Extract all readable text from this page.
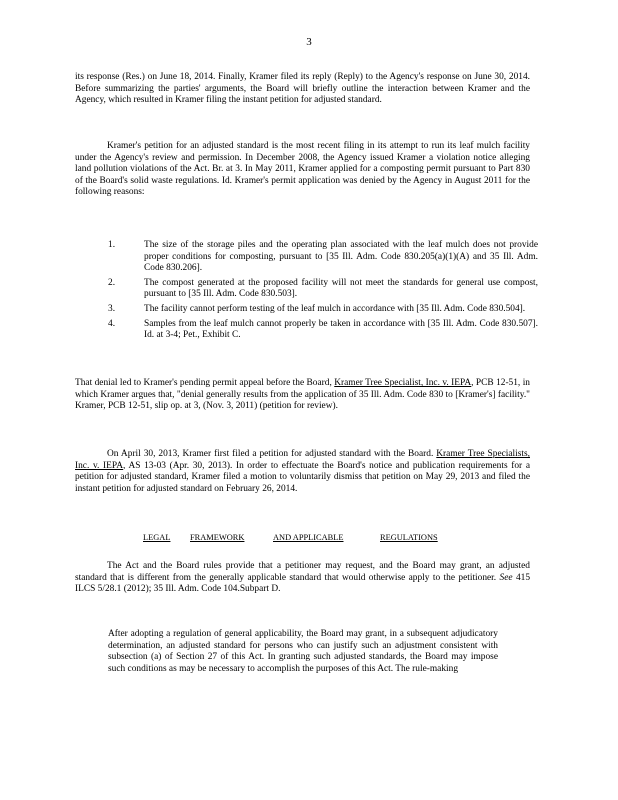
3

its response (Res.) on June 18, 2014. Finally, Kramer filed its reply (Reply) to the Agency's response on June 30, 2014. Before summarizing the parties' arguments, the Board will briefly outline the interaction between Kramer and the Agency, which resulted in Kramer filing the instant petition for adjusted standard.

Kramer's petition for an adjusted standard is the most recent filing in its attempt to run its leaf mulch facility under the Agency's review and permission. In December 2008, the Agency issued Kramer a violation notice alleging land pollution violations of the Act. Br. at 3. In May 2011, Kramer applied for a composting permit pursuant to Part 830 of the Board's solid waste regulations. Id. Kramer's permit application was denied by the Agency in August 2011 for the following reasons:

1.	The size of the storage piles and the operating plan associated with the leaf mulch does not provide proper conditions for composting, pursuant to [35 Ill. Adm. Code 830.205(a)(1)(A) and 35 Ill. Adm. Code 830.206].
2.	The compost generated at the proposed facility will not meet the standards for general use compost, pursuant to [35 Ill. Adm. Code 830.503].
3.	The facility cannot perform testing of the leaf mulch in accordance with [35 Ill. Adm. Code 830.504].
4.	Samples from the leaf mulch cannot properly be taken in accordance with [35 Ill. Adm. Code 830.507]. Id. at 3-4; Pet., Exhibit C.

That denial led to Kramer's pending permit appeal before the Board, Kramer Tree Specialist, Inc. v. IEPA, PCB 12-51, in which Kramer argues that, "denial generally results from the application of 35 Ill. Adm. Code 830 to [Kramer's] facility." Kramer, PCB 12-51, slip op. at 3, (Nov. 3, 2011) (petition for review).

On April 30, 2013, Kramer first filed a petition for adjusted standard with the Board. Kramer Tree Specialists, Inc. v. IEPA, AS 13-03 (Apr. 30, 2013). In order to effectuate the Board's notice and publication requirements for a petition for adjusted standard, Kramer filed a motion to voluntarily dismiss that petition on May 29, 2013 and filed the instant petition for adjusted standard on February 26, 2014.

LEGAL FRAMEWORK	AND APPLICABLE	REGULATIONS

The Act and the Board rules provide that a petitioner may request, and the Board may grant, an adjusted standard that is different from the generally applicable standard that would otherwise apply to the petitioner. See 415 ILCS 5/28.1 (2012); 35 Ill. Adm. Code 104.Subpart D.

After adopting a regulation of general applicability, the Board may grant, in a subsequent adjudicatory determination, an adjusted standard for persons who can justify such an adjustment consistent with subsection (a) of Section 27 of this Act. In granting such adjusted standards, the Board may impose such conditions as may be necessary to accomplish the purposes of this Act. The rule-making
